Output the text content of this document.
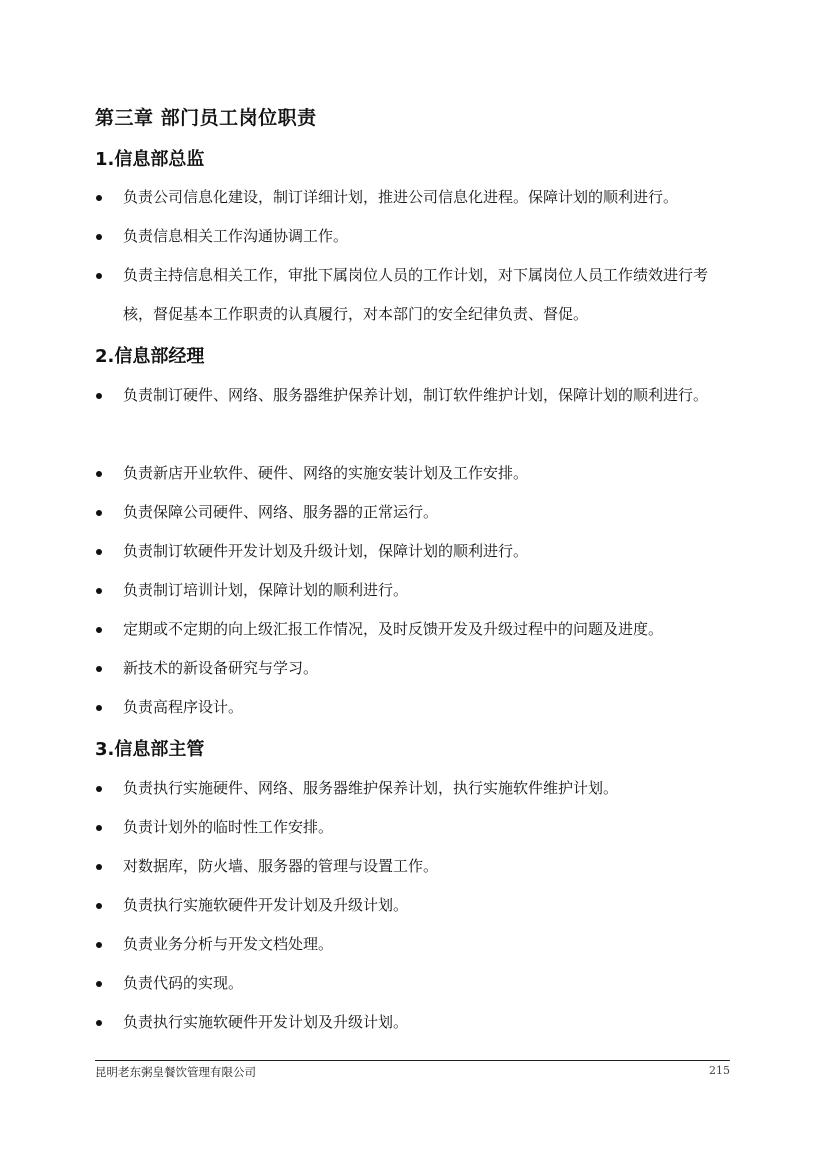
第三章 部门员工岗位职责
1.信息部总监
负责公司信息化建设，制订详细计划，推进公司信息化进程。保障计划的顺利进行。
负责信息相关工作沟通协调工作。
负责主持信息相关工作，审批下属岗位人员的工作计划，对下属岗位人员工作绩效进行考核，督促基本工作职责的认真履行，对本部门的安全纪律负责、督促。
2.信息部经理
负责制订硬件、网络、服务器维护保养计划，制订软件维护计划，保障计划的顺利进行。
负责新店开业软件、硬件、网络的实施安装计划及工作安排。
负责保障公司硬件、网络、服务器的正常运行。
负责制订软硬件开发计划及升级计划，保障计划的顺利进行。
负责制订培训计划，保障计划的顺利进行。
定期或不定期的向上级汇报工作情况，及时反馈开发及升级过程中的问题及进度。
新技术的新设备研究与学习。
负责高程序设计。
3.信息部主管
负责执行实施硬件、网络、服务器维护保养计划，执行实施软件维护计划。
负责计划外的临时性工作安排。
对数据库，防火墙、服务器的管理与设置工作。
负责执行实施软硬件开发计划及升级计划。
负责业务分析与开发文档处理。
负责代码的实现。
负责执行实施软硬件开发计划及升级计划。
昆明老东粥皇餐饮管理有限公司	215
